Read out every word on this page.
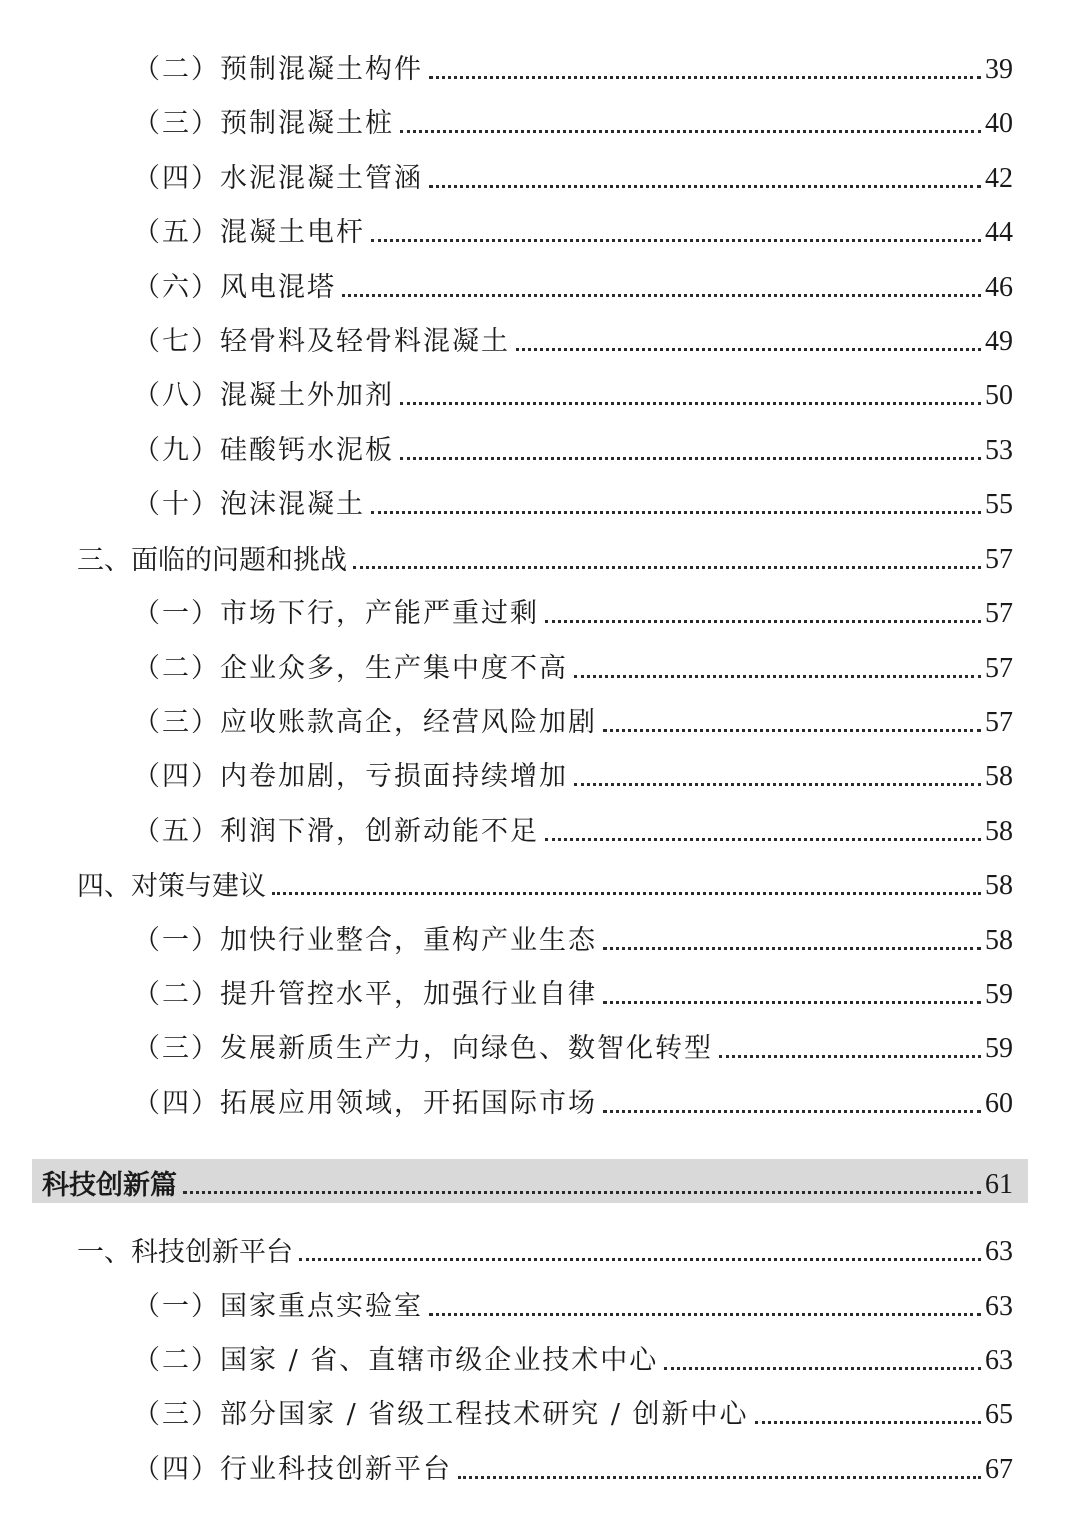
（二）预制混凝土构件	39
（三）预制混凝土桩	40
（四）水泥混凝土管涵	42
（五）混凝土电杆	44
（六）风电混塔	46
（七）轻骨料及轻骨料混凝土	49
（八）混凝土外加剂	50
（九）硅酸钙水泥板	53
（十）泡沫混凝土	55
三、面临的问题和挑战	57
（一）市场下行，产能严重过剩	57
（二）企业众多，生产集中度不高	57
（三）应收账款高企，经营风险加剧	57
（四）内卷加剧，亏损面持续增加	58
（五）利润下滑，创新动能不足	58
四、对策与建议	58
（一）加快行业整合，重构产业生态	58
（二）提升管控水平，加强行业自律	59
（三）发展新质生产力，向绿色、数智化转型	59
（四）拓展应用领域，开拓国际市场	60
科技创新篇	61
一、科技创新平台	63
（一）国家重点实验室	63
（二）国家 / 省、直辖市级企业技术中心	63
（三）部分国家 / 省级工程技术研究 / 创新中心	65
（四）行业科技创新平台	67
